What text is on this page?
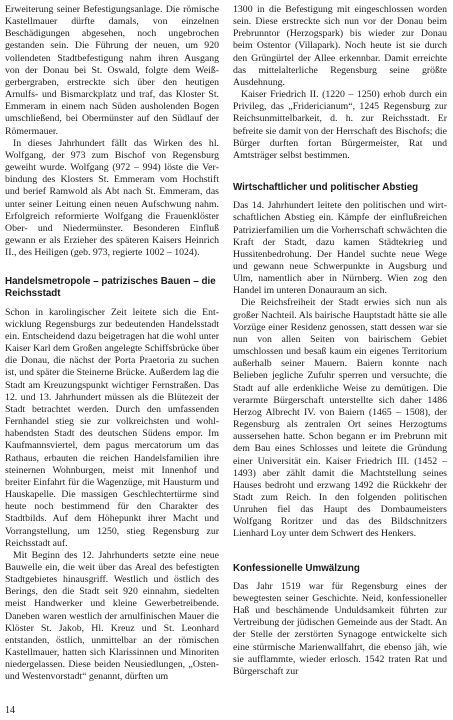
Erweiterung seiner Befestigungsanlage. Die römische Kastellmauer dürfte damals, von einzelnen Beschädigungen abgesehen, noch ungebrochen gestanden sein. Die Führung der neuen, um 920 vollendeten Stadtbefestigung nahm ihren Ausgang von der Donau bei St. Oswald, folgte dem Weißgerbergraben, erstreckte sich über den heutigen Arnulfs- und Bismarckplatz und traf, das Kloster St. Emmeram in einem nach Süden ausholenden Bogen umschließend, bei Obermünster auf den Südlauf der Römermauer.

In dieses Jahrhundert fällt das Wirken des hl. Wolfgang, der 973 zum Bischof von Regensburg geweiht wurde. Wolfgang (972 – 994) löste die Verbindung des Klosters St. Emmeram vom Hochstift und berief Ramwold als Abt nach St. Emmeram, das unter seiner Leitung einen neuen Aufschwung nahm. Erfolgreich reformierte Wolfgang die Frauenklöster Ober- und Niedermünster. Besonderen Einfluß gewann er als Erzieher des späteren Kaisers Heinrich II., des Heiligen (geb. 973, regierte 1002 – 1024).

Handelsmetropole – patrizisches Bauen – die Reichsstadt

Schon in karolingischer Zeit leitete sich die Entwicklung Regensburgs zur bedeutenden Handelsstadt ein. Entscheidend dazu beigetragen hat die wohl unter Kaiser Karl dem Großen angelegte Schiffsbrücke über die Donau, die nächst der Porta Praetoria zu suchen ist, und später die Steinerne Brücke. Außerdem lag die Stadt am Kreuzungspunkt wichtiger Fernstraßen. Das 12. und 13. Jahrhundert müssen als die Blütezeit der Stadt betrachtet werden. Durch den umfassenden Fernhandel stieg sie zur volkreichsten und wohlhabendsten Stadt des deutschen Südens empor. Im Kaufmannsviertel, dem pagus mercatorum um das Rathaus, erbauten die reichen Handelsfamilien ihre steinernen Wohnburgen, meist mit Innenhof und breiter Einfahrt für die Wagenzüge, mit Hausturm und Hauskapelle. Die massigen Geschlechtertürme sind heute noch bestimmend für den Charakter des Stadtbilds. Auf dem Höhepunkt ihrer Macht und Vorrangstellung, um 1250, stieg Regensburg zur Reichsstadt auf.

Mit Beginn des 12. Jahrhunderts setzte eine neue Bauwelle ein, die weit über das Areal des befestigten Stadtgebietes hinausgriff. Westlich und östlich des Berings, den die Stadt seit 920 einnahm, siedelten meist Handwerker und kleine Gewerbetreibende. Daneben waren westlich der arnulfinischen Mauer die Klöster St. Jakob, Hl. Kreuz und St. Leonhard entstanden, östlich, unmittelbar an der römischen Kastellmauer, hatten sich Klarissinnen und Minoriten niedergelassen. Diese beiden Neusiedlungen, „Osten- und Westenvorstadt“ genannt, dürften um

1300 in die Befestigung mit eingeschlossen worden sein. Diese erstreckte sich nun vor der Donau beim Prebrunntor (Herzogspark) bis wieder zur Donau beim Ostentor (Villapark). Noch heute ist sie durch den Grüngürtel der Allee erkennbar. Damit erreichte das mittelalterliche Regensburg seine größte Ausdehnung.

Kaiser Friedrich II. (1220 – 1250) erhob durch ein Privileg, das „Fridericianum“, 1245 Regensburg zur Reichsunmittelbarkeit, d. h. zur Reichsstadt. Er befreite sie damit von der Herrschaft des Bischofs; die Bürger durften fortan Bürgermeister, Rat und Amtsträger selbst bestimmen.

Wirtschaftlicher und politischer Abstieg

Das 14. Jahrhundert leitete den politischen und wirtschaftlichen Abstieg ein. Kämpfe der einflußreichen Patrizierfamilien um die Vorherrschaft schwächten die Kraft der Stadt, dazu kamen Städtekrieg und Hussitenbedrohung. Der Handel suchte neue Wege und gewann neue Schwerpunkte in Augsburg und Ulm, namentlich aber in Nürnberg. Wien zog den Handel im unteren Donauraum an sich.

Die Reichsfreiheit der Stadt erwies sich nun als großer Nachteil. Als bairische Hauptstadt hätte sie alle Vorzüge einer Residenz genossen, statt dessen war sie nun von allen Seiten von bairischem Gebiet umschlossen und besaß kaum ein eigenes Territorium außerhalb seiner Mauern. Baiern konnte nach Belieben jegliche Zufuhr sperren und versuchte, die Stadt auf alle erdenkliche Weise zu demütigen. Die verarmte Bürgerschaft unterstellte sich daher 1486 Herzog Albrecht IV. von Baiern (1465 – 1508), der Regensburg als zentralen Ort seines Herzogtums aussersehen hatte. Schon begann er im Prebrunn mit dem Bau eines Schlosses und leitete die Gründung einer Universität ein. Kaiser Friedrich III. (1452 – 1493) aber zählt damit die Machtstellung seines Hauses bedroht und erzwang 1492 die Rückkehr der Stadt zum Reich. In den folgenden politischen Unruhen fiel das Haupt des Dombaumeisters Wolfgang Roritzer und das des Bildschnitzers Lienhard Loy unter dem Schwert des Henkers.

Konfessionelle Umwälzung

Das Jahr 1519 war für Regensburg eines der bewegtesten seiner Geschichte. Neid, konfessioneller Haß und beschämende Unduldsamkeit führten zur Vertreibung der jüdischen Gemeinde aus der Stadt. An der Stelle der zerstörten Synagoge entwickelte sich eine stürmische Marienwallfahrt, die ebenso jäh, wie sie aufflammte, wieder erlosch. 1542 traten Rat und Bürgerschaft zur

14
